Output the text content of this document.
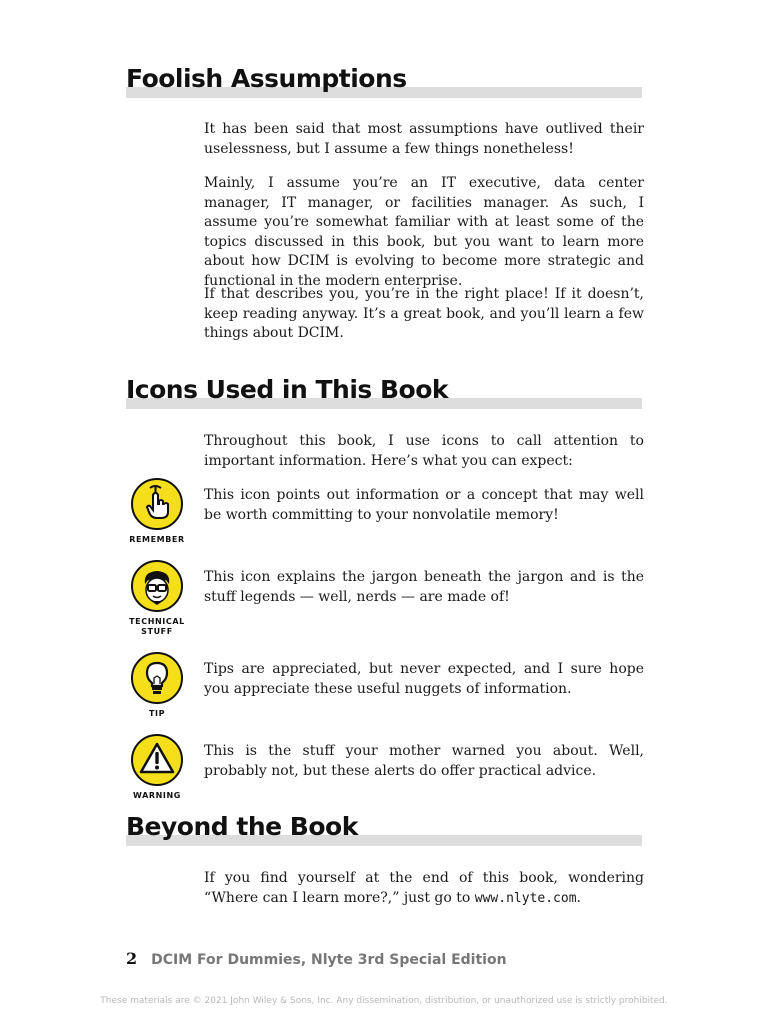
Foolish Assumptions

It has been said that most assumptions have outlived their uselessness, but I assume a few things nonetheless!

Mainly, I assume you’re an IT executive, data center manager, IT manager, or facilities manager. As such, I assume you’re somewhat familiar with at least some of the topics discussed in this book, but you want to learn more about how DCIM is evolving to become more strategic and functional in the modern enterprise.

If that describes you, you’re in the right place! If it doesn’t, keep reading anyway. It’s a great book, and you’ll learn a few things about DCIM.

Icons Used in This Book

Throughout this book, I use icons to call attention to important information. Here’s what you can expect:

REMEMBER

This icon points out information or a concept that may well be worth committing to your nonvolatile memory!

TECHNICAL STUFF

This icon explains the jargon beneath the jargon and is the stuff legends — well, nerds — are made of!

TIP

Tips are appreciated, but never expected, and I sure hope you appreciate these useful nuggets of information.

WARNING

This is the stuff your mother warned you about. Well, probably not, but these alerts do offer practical advice.

Beyond the Book

If you find yourself at the end of this book, wondering “Where can I learn more?,” just go to www.nlyte.com.

2 DCIM For Dummies, Nlyte 3rd Special Edition
These materials are © 2021 John Wiley & Sons, Inc. Any dissemination, distribution, or unauthorized use is strictly prohibited.
